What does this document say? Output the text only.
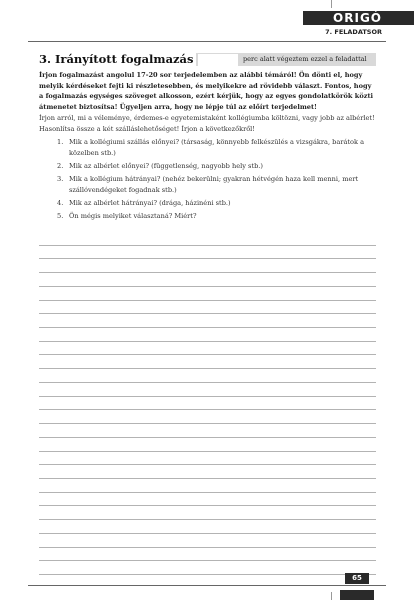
ORIGÓ
7. FELADATSOR
3. Irányított fogalmazás	perc alatt végeztem ezzel a feladattal

Írjon fogalmazást angolul 17-20 sor terjedelemben az alábbi témáról! Ön dönti el, hogy melyik kérdéseket fejti ki részletesebben, és melyikekre ad rövidebb választ. Fontos, hogy a fogalmazás egységes szöveget alkosson, ezért kérjük, hogy az egyes gondolatkörök közti átmenetet biztosítsa! Ügyeljen arra, hogy ne lépje túl az előírt terjedelmet!

Írjon arról, mi a véleménye, érdemes-e egyetemistaként kollégiumba költözni, vagy jobb az albérlet! Hasonlítsa össze a két szálláslehetőséget! Írjon a következőkről!

1. Mik a kollégiumi szállás előnyei? (társaság, könnyebb felkészülés a vizsgákra, barátok a közelben stb.)
2. Mik az albérlet előnyei? (függetlenség, nagyobb hely stb.)
3. Mik a kollégium hátrányai? (nehéz bekerülni; gyakran hétvégén haza kell menni, mert szállóvendégeket fogadnak stb.)
4. Mik az albérlet hátrányai? (drága, házinéni stb.)
5. Ön mégis melyiket választaná? Miért?
65
